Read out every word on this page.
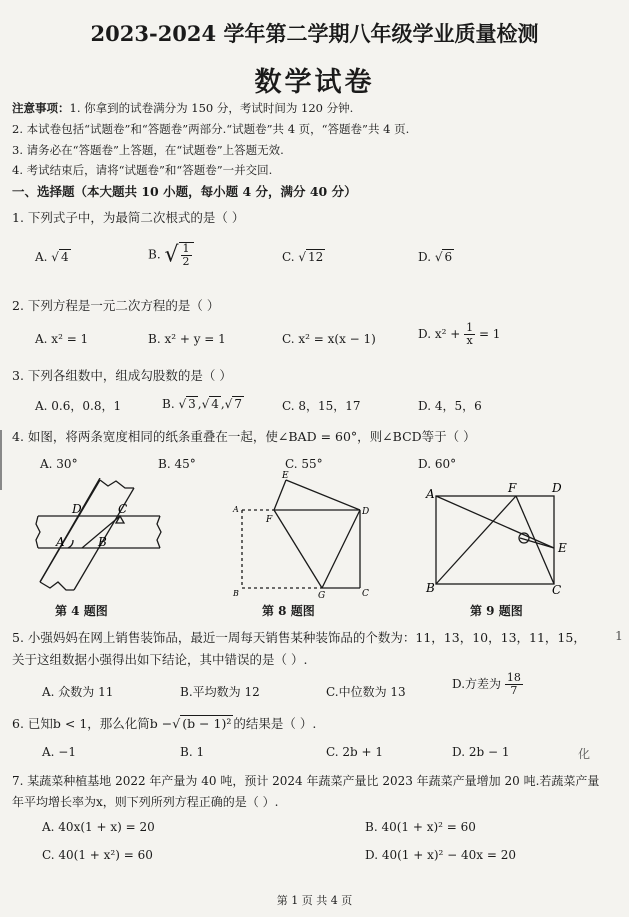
2023-2024 学年第二学期八年级学业质量检测
数学试卷
注意事项：1. 你拿到的试卷满分为 150 分，考试时间为 120 分钟.
2. 本试卷包括“试题卷”和“答题卷”两部分.“试题卷”共 4 页，“答题卷”共 4 页.
3. 请务必在“答题卷”上答题，在“试题卷”上答题无效.
4. 考试结束后，请将“试题卷”和“答题卷”一并交回.
一、选择题（本大题共 10 小题，每小题 4 分，满分 40 分）
1. 下列式子中，为最简二次根式的是（ ）
A. √ 4	B. √ $\frac{1}{2}$	C. √ 12	D. √ 6
2. 下列方程是一元二次方程的是（ ）
A. x² = 1	B. x² + y = 1	C. x² = x(x − 1)	D. $x^2 + \frac{1}{x} = 1$
3. 下列各组数中，组成勾股数的是（ ）
A. 0.6，0.8，1	B. √ 3 ,√ 4 ,√ 7	C. 8，15，17	D. 4，5，6
4. 如图，将两条宽度相同的纸条重叠在一起，使∠BAD = 60°，则∠BCD等于（ ）
A. 30°	B. 45°	C. 55°	D. 60°
D	C
A	B
第 4 题图
E
A
F
D
B	G	C
第 8 题图
A	F	D
E
B	C
第 9 题图
5. 小强妈妈在网上销售装饰品，最近一周每天销售某种装饰品的个数为：11，13，10，13，11，15， 1
关于这组数据小强得出如下结论，其中错误的是（ ）.
A. 众数为 11	B.平均数为 12	C.中位数为 13
D.方差为 $\frac{18}{7}$
6. 已知b < 1，那么化简b −√ (b − 1)² 的结果是（ ）.
A. −1	B. 1	C. 2b + 1	D. 2b − 1	化
7. 某蔬菜种植基地 2022 年产量为 40 吨，预计 2024 年蔬菜产量比 2023 年蔬菜产量增加 20 吨.若蔬菜产量
年平均增长率为x，则下列所列方程正确的是（ ）.
A. 40x(1 + x) = 20	B. 40(1 + x)² = 60
C. 40(1 + x²) = 60	D. 40(1 + x)² − 40x = 20
第 1 页 共 4 页
